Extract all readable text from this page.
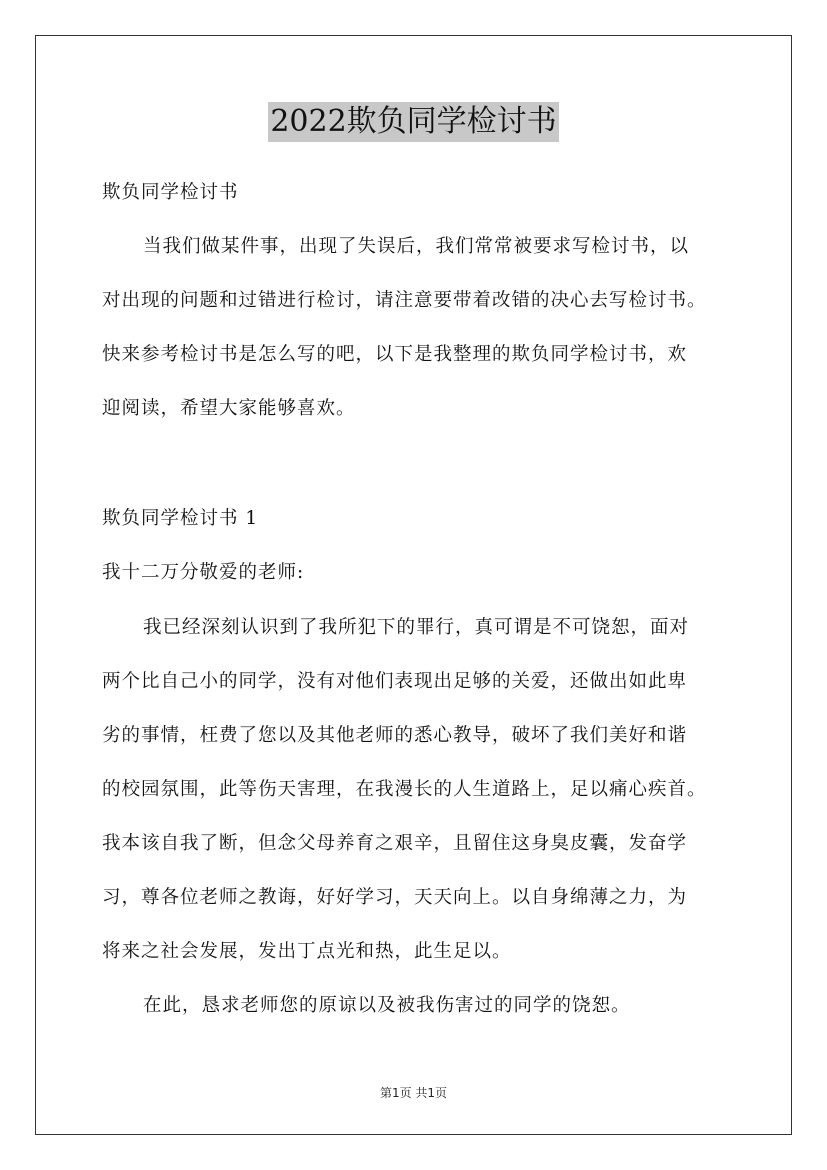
2022欺负同学检讨书
欺负同学检讨书
当我们做某件事，出现了失误后，我们常常被要求写检讨书，以
对出现的问题和过错进行检讨，请注意要带着改错的决心去写检讨书。
快来参考检讨书是怎么写的吧，以下是我整理的欺负同学检讨书，欢
迎阅读，希望大家能够喜欢。
欺负同学检讨书 1
我十二万分敬爱的老师:
我已经深刻认识到了我所犯下的罪行，真可谓是不可饶恕，面对
两个比自己小的同学，没有对他们表现出足够的关爱，还做出如此卑
劣的事情，枉费了您以及其他老师的悉心教导，破坏了我们美好和谐
的校园氛围，此等伤天害理，在我漫长的人生道路上，足以痛心疾首。
我本该自我了断，但念父母养育之艰辛，且留住这身臭皮囊，发奋学
习，尊各位老师之教诲，好好学习，天天向上。以自身绵薄之力，为
将来之社会发展，发出丁点光和热，此生足以。
在此，恳求老师您的原谅以及被我伤害过的同学的饶恕。
第1页 共1页
